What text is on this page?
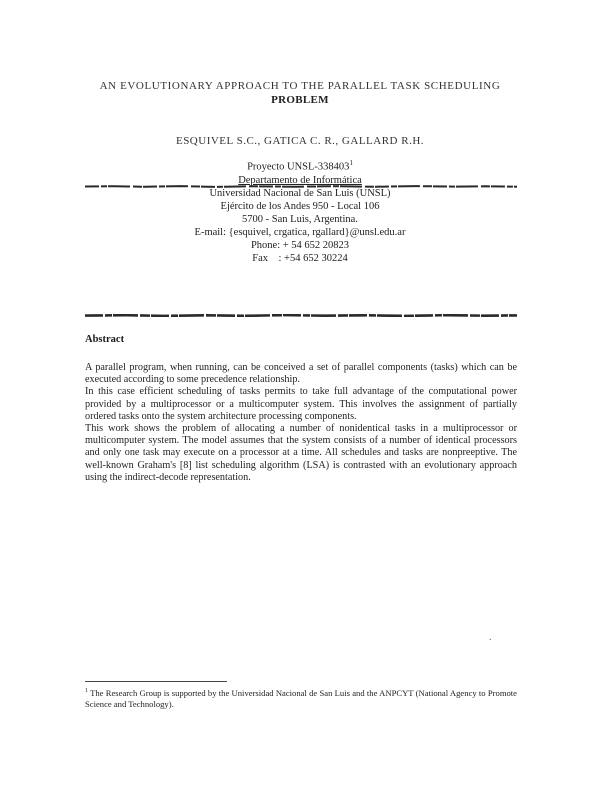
AN EVOLUTIONARY APPROACH TO THE PARALLEL TASK SCHEDULING
PROBLEM
ESQUIVEL S.C., GATICA C. R., GALLARD R.H.
Proyecto UNSL-338403$^1$
Departamento de Informática
Universidad Nacional de San Luis (UNSL)
Ejército de los Andes 950 - Local 106
5700 - San Luis, Argentina.
E-mail: {esquivel, crgatica, rgallard}@unsl.edu.ar
Phone: + 54 652 20823
Fax    : +54 652 30224
Abstract

A parallel program, when running, can be conceived a set of parallel components (tasks) which can be executed according to some precedence relationship.

In this case efficient scheduling of tasks permits to take full advantage of the computational power provided by a multiprocessor or a multicomputer system. This involves the assignment of partially ordered tasks onto the system architecture processing components.

This work shows the problem of allocating a number of nonidentical tasks in a multiprocessor or multicomputer system. The model assumes that the system consists of a number of identical processors and only one task may execute on a processor at a time. All schedules and tasks are nonpreeptive. The well-known Graham's [8] list scheduling algorithm (LSA) is contrasted with an evolutionary approach using the indirect-decode representation.

.
$^1$ The Research Group is supported by the Universidad Nacional de San Luis and the ANPCYT (National Agency to Promote Science and Technology).
